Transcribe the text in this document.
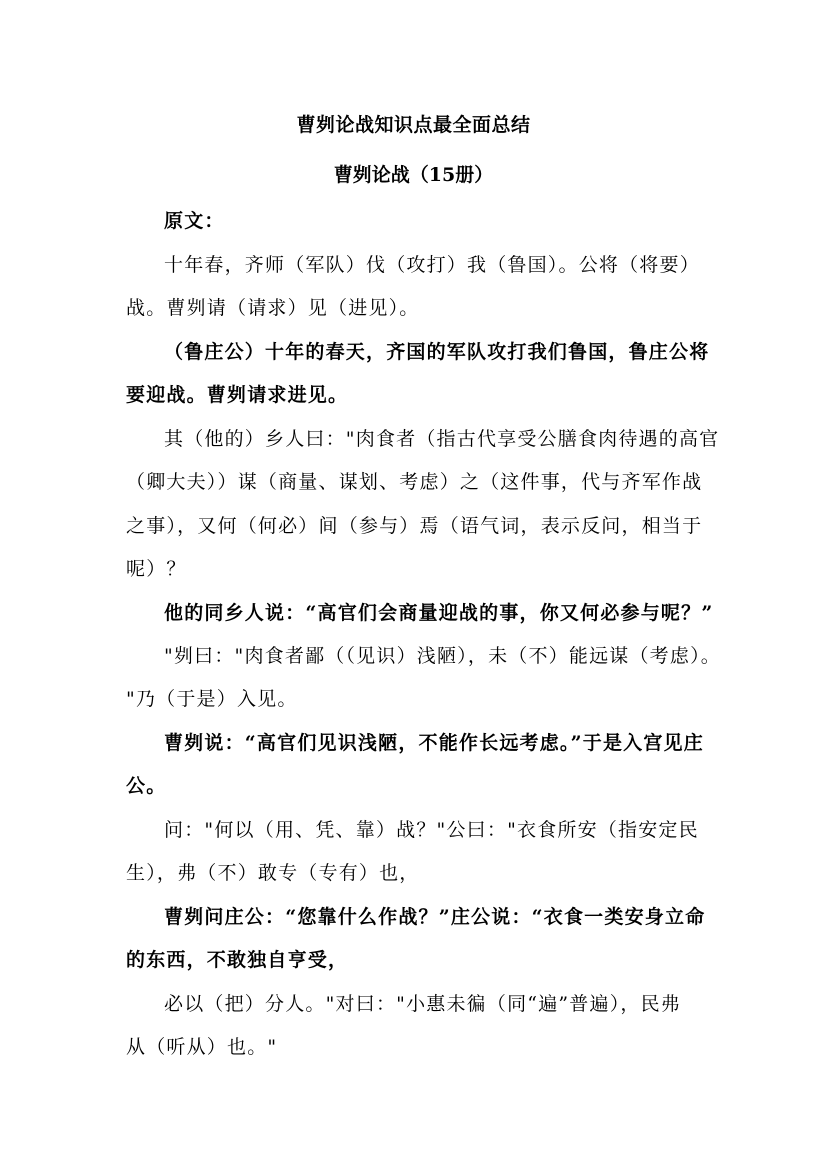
曹刿论战知识点最全面总结
曹刿论战（15册）
原文：
十年春，齐师（军队）伐（攻打）我（鲁国）。公将（将要）
战。曹刿请（请求）见（进见）。
（鲁庄公）十年的春天，齐国的军队攻打我们鲁国，鲁庄公将
要迎战。曹刿请求进见。
其（他的）乡人曰："肉食者（指古代享受公膳食肉待遇的高官
（卿大夫））谋（商量、谋划、考虑）之（这件事，代与齐军作战
之事），又何（何必）间（参与）焉（语气词，表示反问，相当于
呢）？
他的同乡人说：“高官们会商量迎战的事，你又何必参与呢？”
"刿曰："肉食者鄙（（见识）浅陋），未（不）能远谋（考虑）。
"乃（于是）入见。
曹刿说：“高官们见识浅陋，不能作长远考虑。”于是入宫见庄
公。
问："何以（用、凭、靠）战？"公曰："衣食所安（指安定民
生），弗（不）敢专（专有）也，
曹刿问庄公：“您靠什么作战？”庄公说：“衣食一类安身立命
的东西，不敢独自亨受，
必以（把）分人。"对曰："小惠未徧（同“遍”普遍），民弗
从（听从）也。"
